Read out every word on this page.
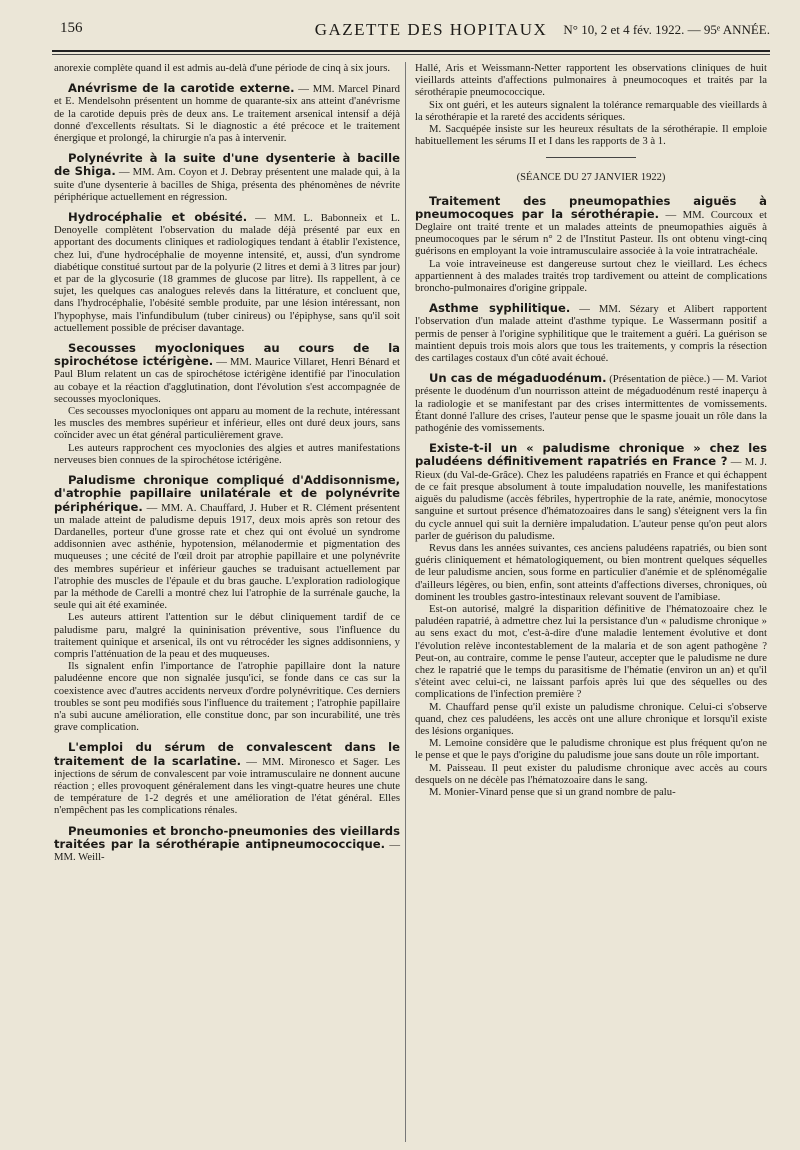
156	GAZETTE DES HOPITAUX	N° 10, 2 et 4 fév. 1922. — 95ᵉ ANNÉE.

anorexie complète quand il est admis au-delà d'une période de cinq à six jours.

Anévrisme de la carotide externe. — MM. Marcel Pinard et E. Mendelsohn présentent un homme de quarante-six ans atteint d'anévrisme de la carotide depuis près de deux ans. Le traitement arsenical intensif a déjà donné d'excellents résultats. Si le diagnostic a été précoce et le traitement énergique et prolongé, la chirurgie n'a pas à intervenir.

Polynévrite à la suite d'une dysenterie à bacille de Shiga. — MM. Am. Coyon et J. Debray présentent une malade qui, à la suite d'une dysenterie à bacilles de Shiga, présenta des phénomènes de névrite périphérique actuellement en régression.

Hydrocéphalie et obésité. — MM. L. Babonneix et L. Denoyelle complètent l'observation du malade déjà présenté par eux en apportant des documents cliniques et radiologiques tendant à établir l'existence, chez lui, d'une hydrocéphalie de moyenne intensité, et, aussi, d'un syndrome diabétique constitué surtout par de la polyurie (2 litres et demi à 3 litres par jour) et par de la glycosurie (18 grammes de glucose par litre). Ils rappellent, à ce sujet, les quelques cas analogues relevés dans la littérature, et concluent que, dans l'hydrocéphalie, l'obésité semble produite, par une lésion intéressant, non l'hypophyse, mais l'infundibulum (tuber cinireus) ou l'épiphyse, sans qu'il soit actuellement possible de préciser davantage.

Secousses myocloniques au cours de la spirochétose ictérigène. — MM. Maurice Villaret, Henri Bénard et Paul Blum relatent un cas de spirochétose ictérigène identifié par l'inoculation au cobaye et la réaction d'agglutination, dont l'évolution s'est accompagnée de secousses myocloniques.

Ces secousses myocloniques ont apparu au moment de la rechute, intéressant les muscles des membres supérieur et inférieur, elles ont duré deux jours, sans coïncider avec un état général particulièrement grave.

Les auteurs rapprochent ces myoclonies des algies et autres manifestations nerveuses bien connues de la spirochétose ictérigène.

Paludisme chronique compliqué d'Addisonnisme, d'atrophie papillaire unilatérale et de polynévrite périphérique. — MM. A. Chauffard, J. Huber et R. Clément présentent un malade atteint de paludisme depuis 1917, deux mois après son retour des Dardanelles, porteur d'une grosse rate et chez qui ont évolué un syndrome addisonnien avec asthénie, hypotension, mélanodermie et pigmentation des muqueuses ; une cécité de l'œil droit par atrophie papillaire et une polynévrite des membres supérieur et inférieur gauches se traduisant actuellement par l'atrophie des muscles de l'épaule et du bras gauche. L'exploration radiologique par la méthode de Carelli a montré chez lui l'atrophie de la surrénale gauche, la seule qui ait été examinée.

Les auteurs attirent l'attention sur le début cliniquement tardif de ce paludisme paru, malgré la quininisation préventive, sous l'influence du traitement quinique et arsenical, ils ont vu rétrocéder les signes addisonniens, y compris l'atténuation de la peau et des muqueuses.

Ils signalent enfin l'importance de l'atrophie papillaire dont la nature paludéenne encore que non signalée jusqu'ici, se fonde dans ce cas sur la coexistence avec d'autres accidents nerveux d'ordre polynévritique. Ces derniers troubles se sont peu modifiés sous l'influence du traitement ; l'atrophie papillaire n'a subi aucune amélioration, elle constitue donc, par son incurabilité, une très grave complication.

L'emploi du sérum de convalescent dans le traitement de la scarlatine. — MM. Mironesco et Sager. Les injections de sérum de convalescent par voie intramusculaire ne donnent aucune réaction ; elles provoquent généralement dans les vingt-quatre heures une chute de température de 1-2 degrés et une amélioration de l'état général. Elles n'empêchent pas les complications rénales.

Pneumonies et broncho-pneumonies des vieillards traitées par la sérothérapie antipneumococcique. — MM. Weill-

Hallé, Aris et Weissmann-Netter rapportent les observations cliniques de huit vieillards atteints d'affections pulmonaires à pneumocoques et traités par la sérothérapie pneumococcique.

Six ont guéri, et les auteurs signalent la tolérance remarquable des vieillards à la sérothérapie et la rareté des accidents sériques.

M. Sacquépée insiste sur les heureux résultats de la sérothérapie. Il emploie habituellement les sérums II et I dans les rapports de 3 à 1.

(SÉANCE DU 27 JANVIER 1922)

Traitement des pneumopathies aiguës à pneumocoques par la sérothérapie. — MM. Courcoux et Deglaire ont traité trente et un malades atteints de pneumopathies aiguës à pneumocoques par le sérum n° 2 de l'Institut Pasteur. Ils ont obtenu vingt-cinq guérisons en employant la voie intramusculaire associée à la voie intratrachéale.

La voie intraveineuse est dangereuse surtout chez le vieillard. Les échecs appartiennent à des malades traités trop tardivement ou atteint de complications broncho-pulmonaires d'origine grippale.

Asthme syphilitique. — MM. Sézary et Alibert rapportent l'observation d'un malade atteint d'asthme typique. Le Wassermann positif a permis de penser à l'origine syphilitique que le traitement a guéri. La guérison se maintient depuis trois mois alors que tous les traitements, y compris la résection des cartilages costaux d'un côté avait échoué.

Un cas de mégaduodénum. (Présentation de pièce.) — M. Variot présente le duodénum d'un nourrisson atteint de mégaduodénum resté inaperçu à la radiologie et se manifestant par des crises intermittentes de vomissements. Étant donné l'allure des crises, l'auteur pense que le spasme jouait un rôle dans la pathogénie des vomissements.

Existe-t-il un « paludisme chronique » chez les paludéens définitivement rapatriés en France ? — M. J. Rieux (du Val-de-Grâce). Chez les paludéens rapatriés en France et qui échappent de ce fait presque absolument à toute impaludation nouvelle, les manifestations aiguës du paludisme (accès fébriles, hypertrophie de la rate, anémie, monocytose sanguine et surtout présence d'hématozoaires dans le sang) s'éteignent vers la fin du cycle annuel qui suit la dernière impaludation. L'auteur pense qu'on peut alors parler de guérison du paludisme.

Revus dans les années suivantes, ces anciens paludéens rapatriés, ou bien sont guéris cliniquement et hématologiquement, ou bien montrent quelques séquelles de leur paludisme ancien, sous forme en particulier d'anémie et de splénomégalie d'ailleurs légères, ou bien, enfin, sont atteints d'affections diverses, chroniques, où dominent les troubles gastro-intestinaux relevant souvent de l'amibiase.

Est-on autorisé, malgré la disparition définitive de l'hématozoaire chez le paludéen rapatrié, à admettre chez lui la persistance d'un « paludisme chronique » au sens exact du mot, c'est-à-dire d'une maladie lentement évolutive et dont l'évolution relève incontestablement de la malaria et de son agent pathogène ? Peut-on, au contraire, comme le pense l'auteur, accepter que le paludisme ne dure chez le rapatrié que le temps du parasitisme de l'hématie (environ un an) et qu'il s'éteint avec celui-ci, ne laissant parfois après lui que des séquelles ou des complications de l'infection première ?

M. Chauffard pense qu'il existe un paludisme chronique. Celui-ci s'observe quand, chez ces paludéens, les accès ont une allure chronique et lorsqu'il existe des lésions organiques.

M. Lemoine considère que le paludisme chronique est plus fréquent qu'on ne le pense et que le pays d'origine du paludisme joue sans doute un rôle important.

M. Paisseau. Il peut exister du paludisme chronique avec accès au cours desquels on ne décèle pas l'hématozoaire dans le sang.

M. Monier-Vinard pense que si un grand nombre de palu-
